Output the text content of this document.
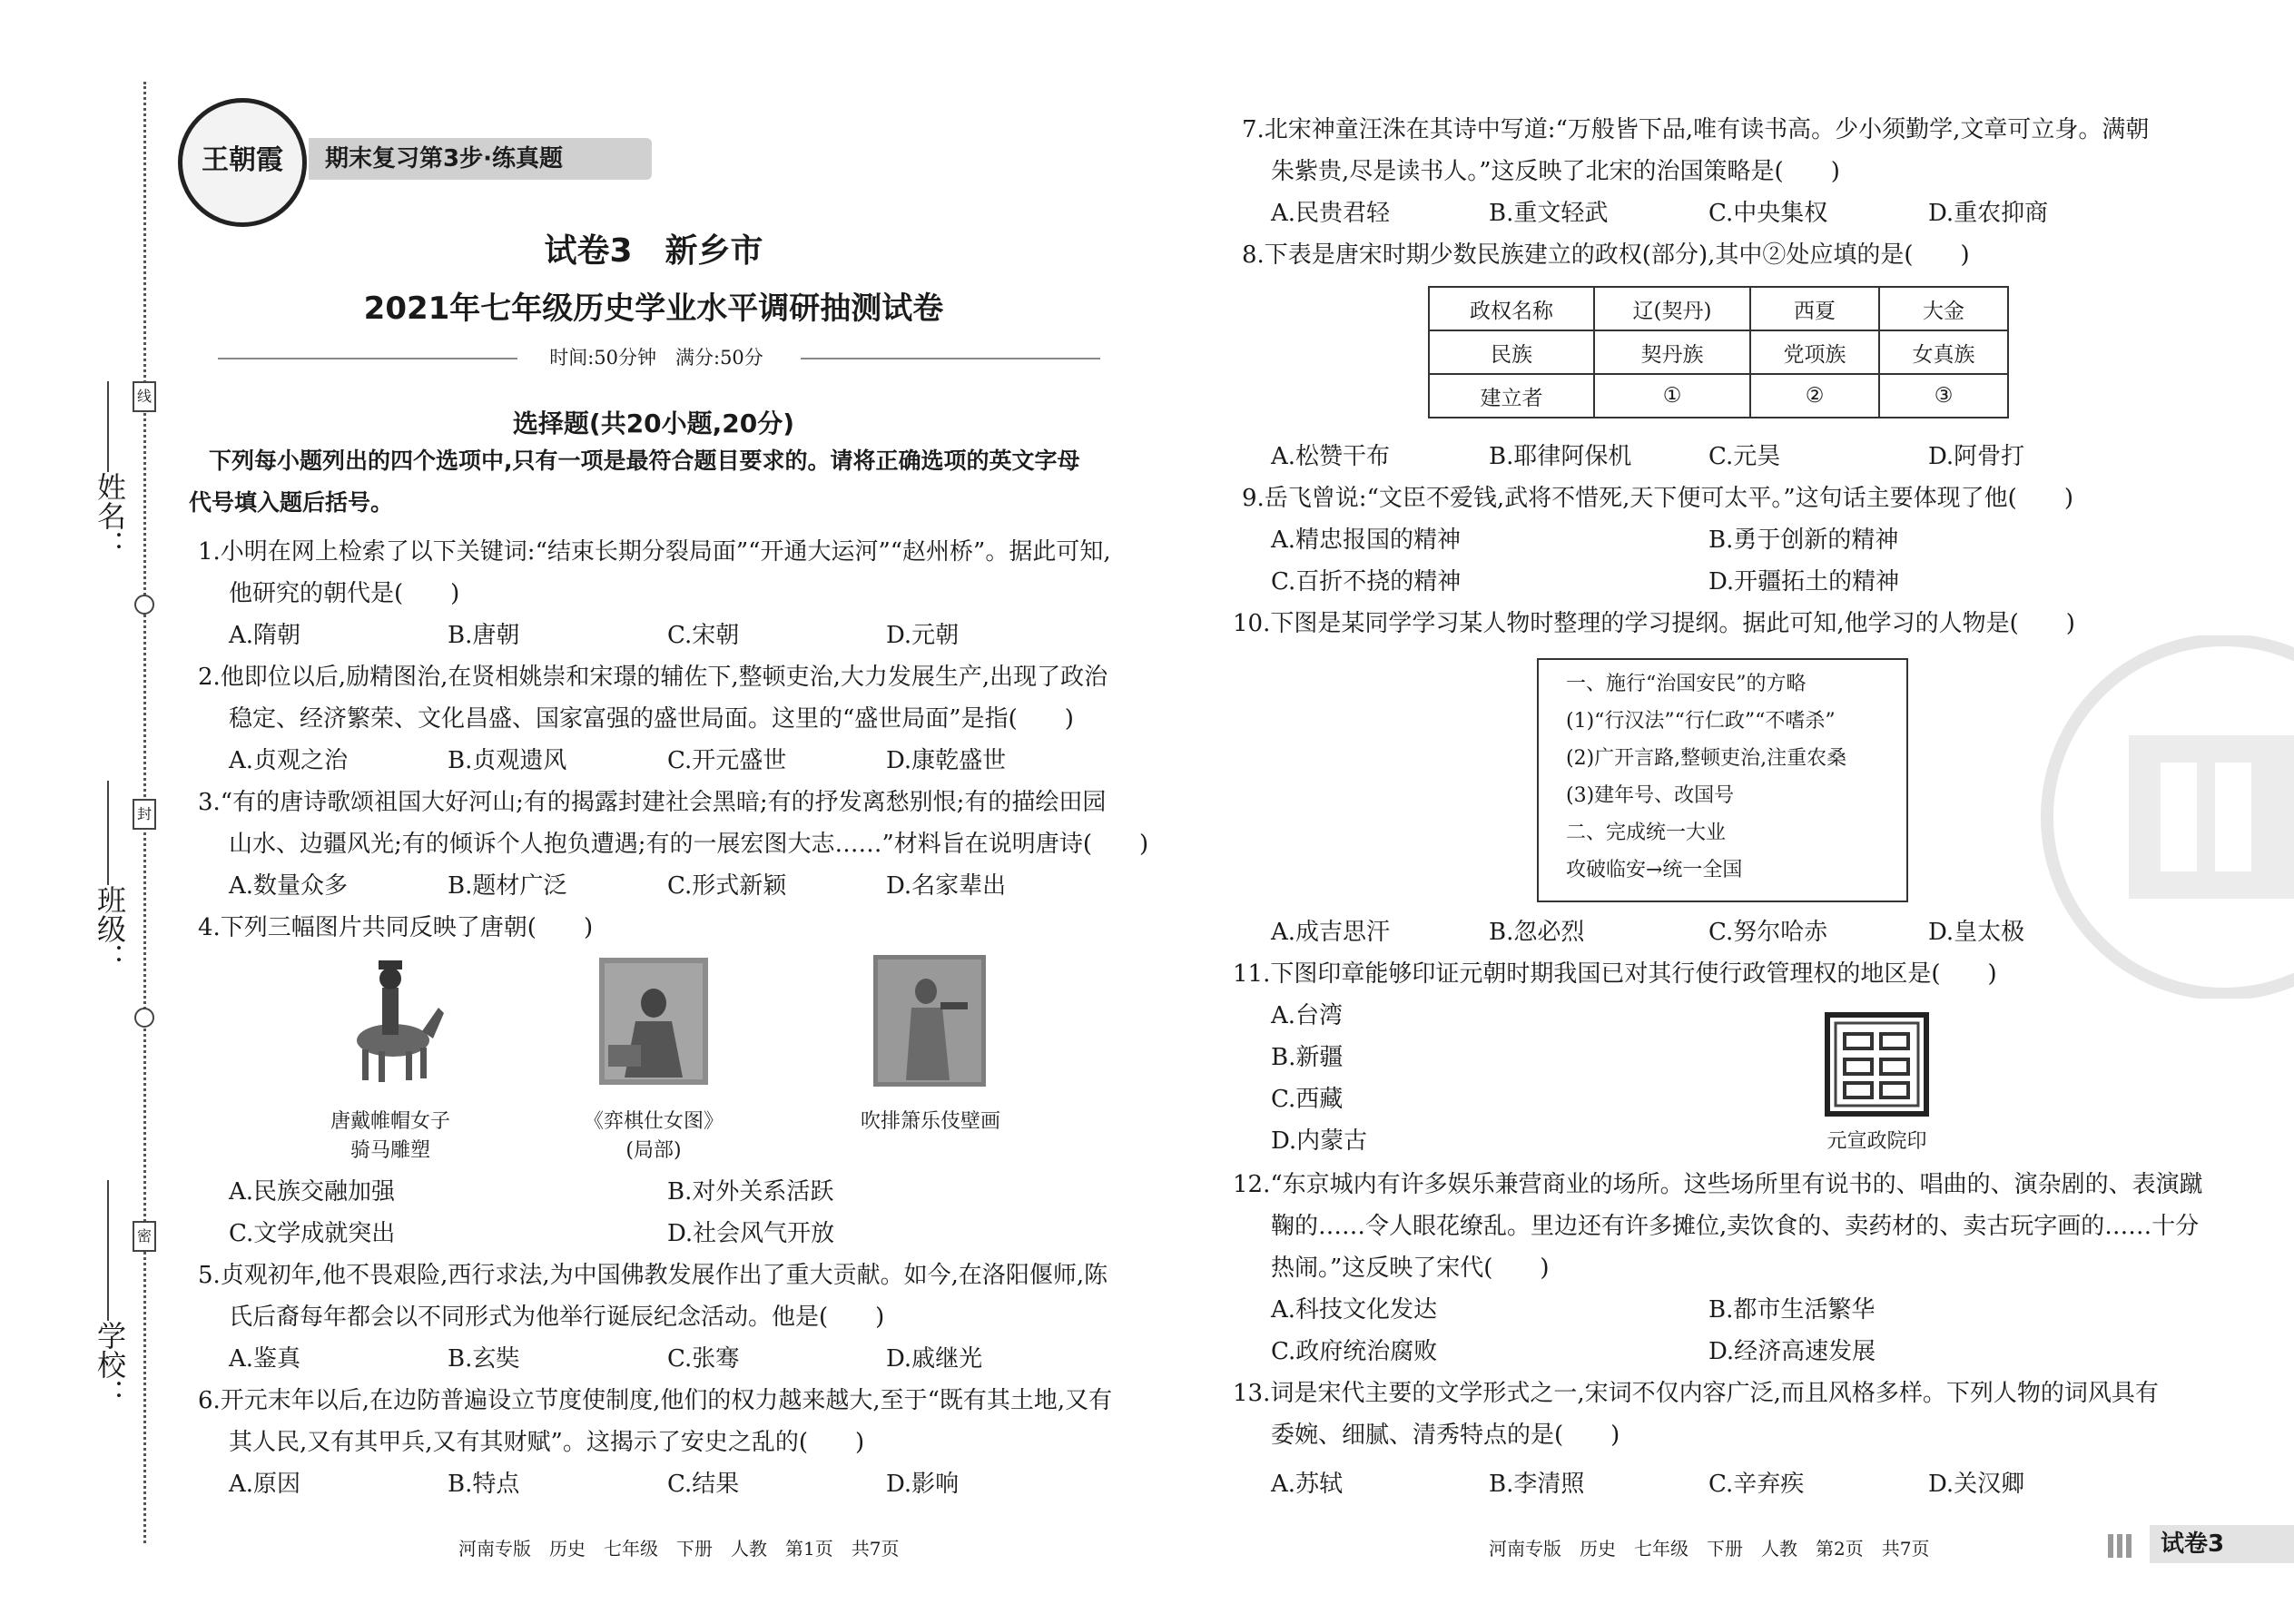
姓名：
班级：
学校：
线
封
密
王朝霞	期末复习第3步·练真题
试卷3　新乡市
2021年七年级历史学业水平调研抽测试卷
时间:50分钟　满分:50分
选择题(共20小题,20分)
下列每小题列出的四个选项中,只有一项是最符合题目要求的。请将正确选项的英文字母
代号填入题后括号。
1.小明在网上检索了以下关键词:“结束长期分裂局面”“开通大运河”“赵州桥”。据此可知,
他研究的朝代是(　　)
A.隋朝	B.唐朝	C.宋朝	D.元朝
2.他即位以后,励精图治,在贤相姚崇和宋璟的辅佐下,整顿吏治,大力发展生产,出现了政治
稳定、经济繁荣、文化昌盛、国家富强的盛世局面。这里的“盛世局面”是指(　　)
A.贞观之治	B.贞观遗风	C.开元盛世	D.康乾盛世
3.“有的唐诗歌颂祖国大好河山;有的揭露封建社会黑暗;有的抒发离愁别恨;有的描绘田园
山水、边疆风光;有的倾诉个人抱负遭遇;有的一展宏图大志……”材料旨在说明唐诗(　　)
A.数量众多	B.题材广泛	C.形式新颖	D.名家辈出
4.下列三幅图片共同反映了唐朝(　　)
唐戴帷帽女子
骑马雕塑
《弈棋仕女图》
(局部)
吹排箫乐伎壁画
A.民族交融加强	B.对外关系活跃
C.文学成就突出	D.社会风气开放
5.贞观初年,他不畏艰险,西行求法,为中国佛教发展作出了重大贡献。如今,在洛阳偃师,陈
氏后裔每年都会以不同形式为他举行诞辰纪念活动。他是(　　)
A.鉴真	B.玄奘	C.张骞	D.戚继光
6.开元末年以后,在边防普遍设立节度使制度,他们的权力越来越大,至于“既有其土地,又有
其人民,又有其甲兵,又有其财赋”。这揭示了安史之乱的(　　)
A.原因	B.特点	C.结果	D.影响
河南专版　历史　七年级　下册　人教　第1页　共7页
7.北宋神童汪洙在其诗中写道:“万般皆下品,唯有读书高。少小须勤学,文章可立身。满朝
朱紫贵,尽是读书人。”这反映了北宋的治国策略是(　　)
A.民贵君轻	B.重文轻武	C.中央集权	D.重农抑商
8.下表是唐宋时期少数民族建立的政权(部分),其中②处应填的是(　　)
政权名称	辽(契丹)	西夏	大金
民族	契丹族	党项族	女真族
建立者	①	②	③
A.松赞干布	B.耶律阿保机	C.元昊	D.阿骨打
9.岳飞曾说:“文臣不爱钱,武将不惜死,天下便可太平。”这句话主要体现了他(　　)
A.精忠报国的精神	B.勇于创新的精神
C.百折不挠的精神	D.开疆拓土的精神
10.下图是某同学学习某人物时整理的学习提纲。据此可知,他学习的人物是(　　)
一、施行“治国安民”的方略
(1)“行汉法”“行仁政”“不嗜杀”
(2)广开言路,整顿吏治,注重农桑
(3)建年号、改国号
二、完成统一大业
攻破临安→统一全国
A.成吉思汗	B.忽必烈	C.努尔哈赤	D.皇太极
11.下图印章能够印证元朝时期我国已对其行使行政管理权的地区是(　　)
A.台湾
B.新疆
C.西藏
D.内蒙古	元宣政院印
12.“东京城内有许多娱乐兼营商业的场所。这些场所里有说书的、唱曲的、演杂剧的、表演蹴
鞠的……令人眼花缭乱。里边还有许多摊位,卖饮食的、卖药材的、卖古玩字画的……十分
热闹。”这反映了宋代(　　)
A.科技文化发达	B.都市生活繁华
C.政府统治腐败	D.经济高速发展
13.词是宋代主要的文学形式之一,宋词不仅内容广泛,而且风格多样。下列人物的词风具有
委婉、细腻、清秀特点的是(　　)
A.苏轼	B.李清照	C.辛弃疾	D.关汉卿
河南专版　历史　七年级　下册　人教　第2页　共7页	试卷3
